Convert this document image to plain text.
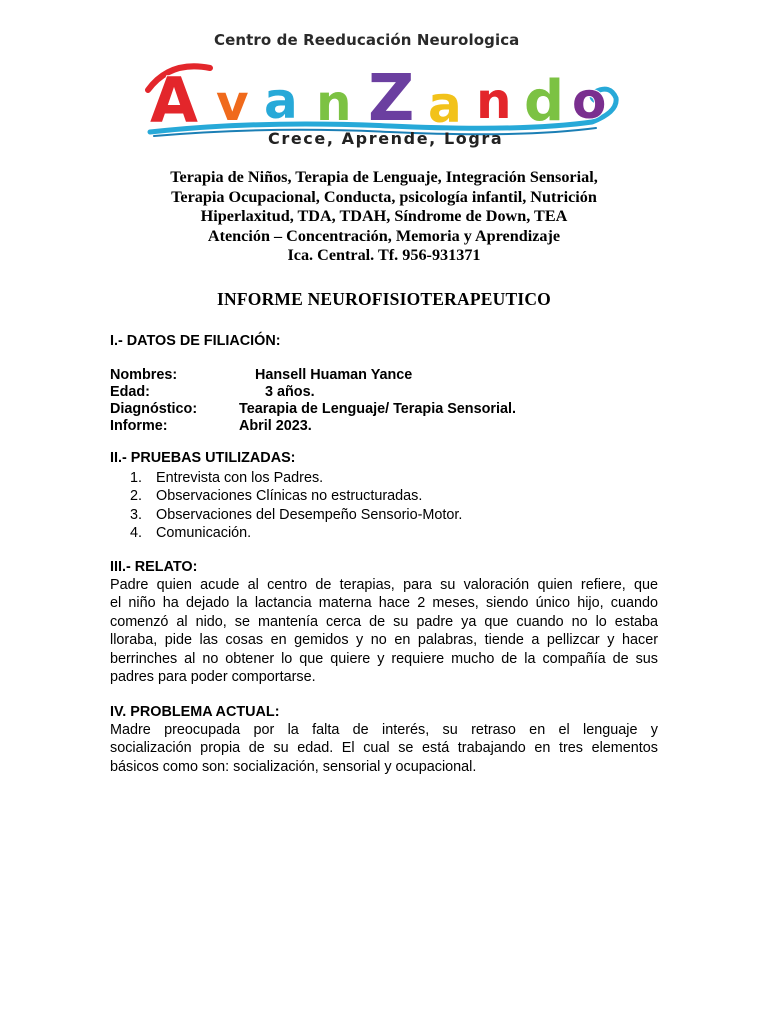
Centro de Reeducación Neurologica
A v a n Z a n d o
Crece, Aprende, Logra
Terapia de Niños, Terapia de Lenguaje, Integración Sensorial,
Terapia Ocupacional, Conducta, psicología infantil, Nutrición
Hiperlaxitud, TDA, TDAH, Síndrome de Down, TEA
Atención – Concentración, Memoria y Aprendizaje
Ica. Central. Tf. 956-931371
INFORME NEUROFISIOTERAPEUTICO
I.- DATOS DE FILIACIÓN:
Nombres:	Hansell Huaman Yance
Edad:	3 años.
Diagnóstico:	Tearapia de Lenguaje/ Terapia Sensorial.
Informe:	Abril 2023.
II.- PRUEBAS UTILIZADAS:
1. Entrevista con los Padres.
2. Observaciones Clínicas no estructuradas.
3. Observaciones del Desempeño Sensorio-Motor.
4. Comunicación.
III.- RELATO:
Padre quien acude al centro de terapias, para su valoración quien refiere, que
el niño ha dejado la lactancia materna hace 2 meses, siendo único hijo, cuando
comenzó al nido, se mantenía cerca de su padre ya que cuando no lo estaba
lloraba, pide las cosas en gemidos y no en palabras, tiende a pellizcar y hacer
berrinches al no obtener lo que quiere y requiere mucho de la compañía de sus
padres para poder comportarse.
IV. PROBLEMA ACTUAL:
Madre preocupada por la falta de interés, su retraso en el lenguaje y
socialización propia de su edad. El cual se está trabajando en tres elementos
básicos como son: socialización, sensorial y ocupacional.
